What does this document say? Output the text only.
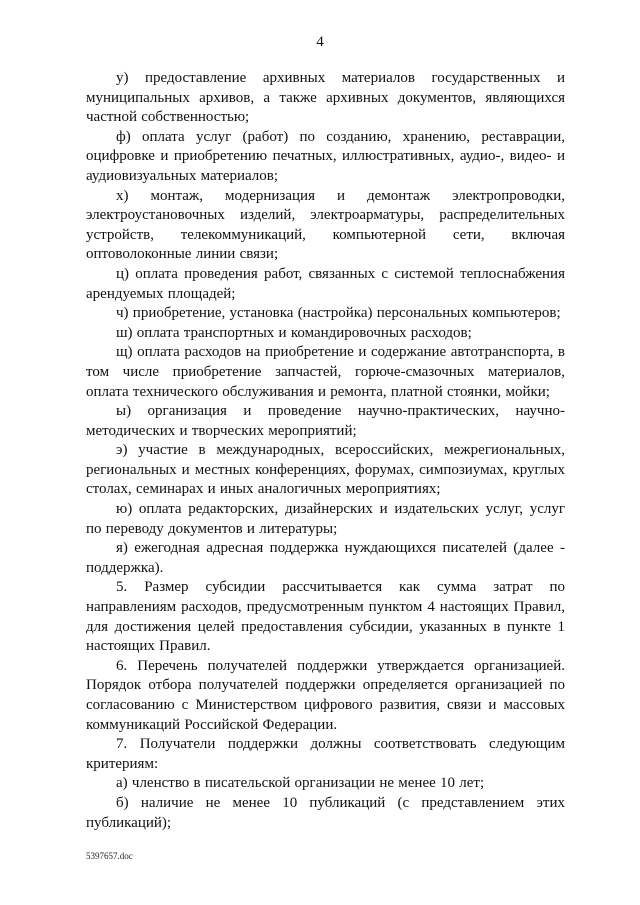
4

у) предоставление архивных материалов государственных и муниципальных архивов, а также архивных документов, являющихся частной собственностью;

ф) оплата услуг (работ) по созданию, хранению, реставрации, оцифровке и приобретению печатных, иллюстративных, аудио-, видео- и аудиовизуальных материалов;

х) монтаж, модернизация и демонтаж электропроводки, электроустановочных изделий, электроарматуры, распределительных устройств, телекоммуникаций, компьютерной сети, включая оптоволоконные линии связи;

ц) оплата проведения работ, связанных с системой теплоснабжения арендуемых площадей;

ч) приобретение, установка (настройка) персональных компьютеров;

ш) оплата транспортных и командировочных расходов;

щ) оплата расходов на приобретение и содержание автотранспорта, в том числе приобретение запчастей, горюче-смазочных материалов, оплата технического обслуживания и ремонта, платной стоянки, мойки;

ы) организация и проведение научно-практических, научно-методических и творческих мероприятий;

э) участие в международных, всероссийских, межрегиональных, региональных и местных конференциях, форумах, симпозиумах, круглых столах, семинарах и иных аналогичных мероприятиях;

ю) оплата редакторских, дизайнерских и издательских услуг, услуг по переводу документов и литературы;

я) ежегодная адресная поддержка нуждающихся писателей (далее - поддержка).

5. Размер субсидии рассчитывается как сумма затрат по направлениям расходов, предусмотренным пунктом 4 настоящих Правил, для достижения целей предоставления субсидии, указанных в пункте 1 настоящих Правил.

6. Перечень получателей поддержки утверждается организацией. Порядок отбора получателей поддержки определяется организацией по согласованию с Министерством цифрового развития, связи и массовых коммуникаций Российской Федерации.

7. Получатели поддержки должны соответствовать следующим критериям:

а) членство в писательской организации не менее 10 лет;

б) наличие не менее 10 публикаций (с представлением этих публикаций);

5397657.doc
